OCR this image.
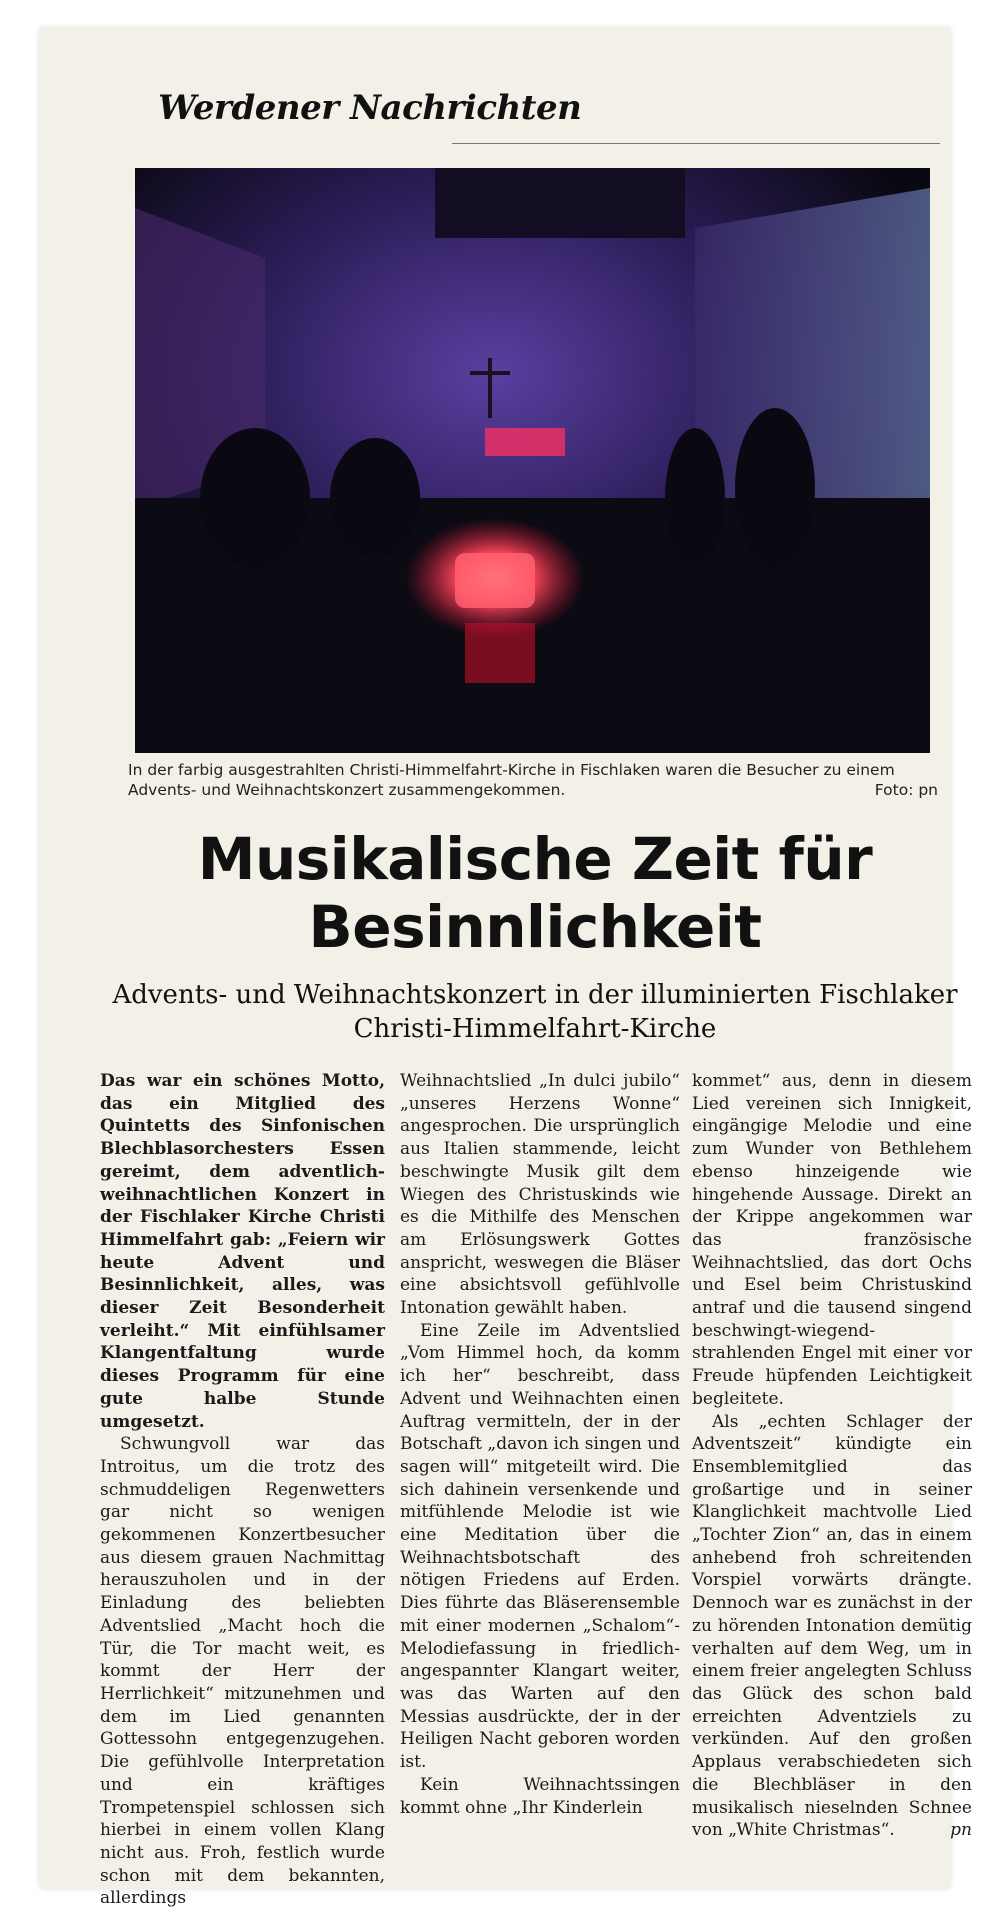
Werdener Nachrichten
In der farbig ausgestrahlten Christi-Himmelfahrt-Kirche in Fischlaken waren die Besucher zu einem Advents- und Weihnachtskonzert zusammengekommen.	Foto: pn
Musikalische Zeit für Besinnlichkeit
Advents- und Weihnachtskonzert in der illuminierten Fischlaker Christi-Himmelfahrt-Kirche

Das war ein schönes Motto, das ein Mitglied des Quintetts des Sinfonischen Blechblasorchesters Essen gereimt, dem adventlich-weihnachtlichen Konzert in der Fischlaker Kirche Christi Himmelfahrt gab: „Feiern wir heute Advent und Besinnlichkeit, alles, was dieser Zeit Besonderheit verleiht.“ Mit einfühlsamer Klangentfaltung wurde dieses Programm für eine gute halbe Stunde umgesetzt.

Schwungvoll war das Introitus, um die trotz des schmuddeligen Regenwetters gar nicht so wenigen gekommenen Konzertbesucher aus diesem grauen Nachmittag herauszuholen und in der Einladung des beliebten Adventslied „Macht hoch die Tür, die Tor macht weit, es kommt der Herr der Herrlichkeit“ mitzunehmen und dem im Lied genannten Gottessohn entgegenzugehen. Die gefühlvolle Interpretation und ein kräftiges Trompetenspiel schlossen sich hierbei in einem vollen Klang nicht aus. Froh, festlich wurde schon mit dem bekannten, allerdings

Weihnachtslied „In dulci jubilo“ „unseres Herzens Wonne“ angesprochen. Die ursprünglich aus Italien stammende, leicht beschwingte Musik gilt dem Wiegen des Christuskinds wie es die Mithilfe des Menschen am Erlösungswerk Gottes anspricht, weswegen die Bläser eine absichtsvoll gefühlvolle Intonation gewählt haben.

Eine Zeile im Adventslied „Vom Himmel hoch, da komm ich her“ beschreibt, dass Advent und Weihnachten einen Auftrag vermitteln, der in der Botschaft „davon ich singen und sagen will“ mitgeteilt wird. Die sich dahinein versenkende und mitfühlende Melodie ist wie eine Meditation über die Weihnachtsbotschaft des nötigen Friedens auf Erden. Dies führte das Bläserensemble mit einer modernen „Schalom“-Melodiefassung in friedlich-angespannter Klangart weiter, was das Warten auf den Messias ausdrückte, der in der Heiligen Nacht geboren worden ist.

Kein Weihnachtssingen kommt ohne „Ihr Kinderlein

kommet“ aus, denn in diesem Lied vereinen sich Innigkeit, eingängige Melodie und eine zum Wunder von Bethlehem ebenso hinzeigende wie hingehende Aussage. Direkt an der Krippe angekommen war das französische Weihnachtslied, das dort Ochs und Esel beim Christuskind antraf und die tausend singend beschwingt-wiegend-strahlenden Engel mit einer vor Freude hüpfenden Leichtigkeit begleitete.

Als „echten Schlager der Adventszeit“ kündigte ein Ensemblemitglied das großartige und in seiner Klanglichkeit machtvolle Lied „Tochter Zion“ an, das in einem anhebend froh schreitenden Vorspiel vorwärts drängte. Dennoch war es zunächst in der zu hörenden Intonation demütig verhalten auf dem Weg, um in einem freier angelegten Schluss das Glück des schon bald erreichten Adventziels zu verkünden. Auf den großen Applaus verabschiedeten sich die Blechbläser in den musikalisch nieselnden Schnee von „White Christmas“.	pn
